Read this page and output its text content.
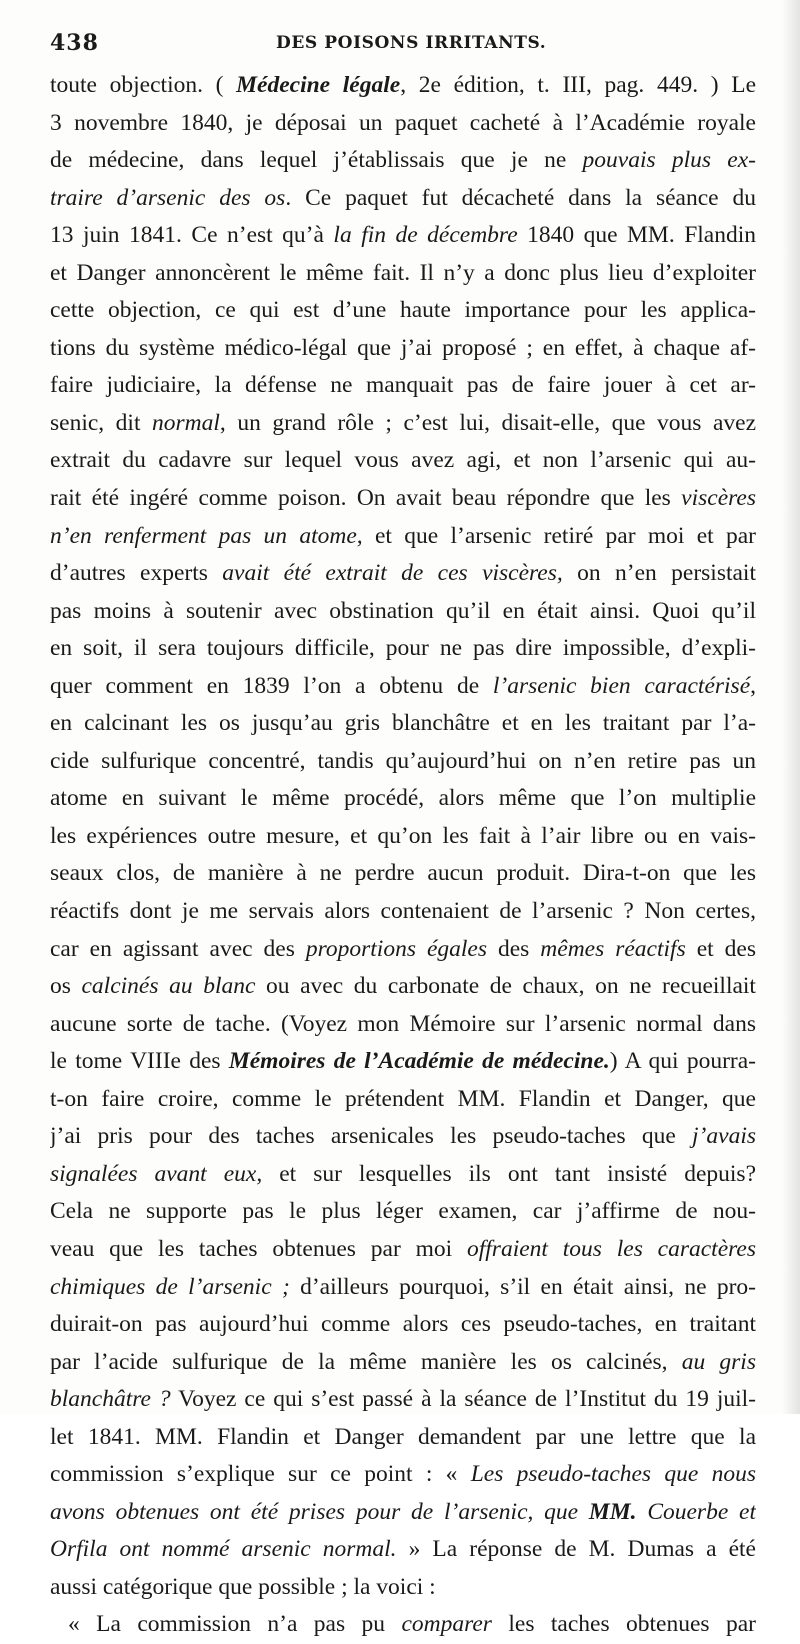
438	DES POISONS IRRITANTS.
toute objection. ( Médecine légale, 2e édition, t. III, pag. 449. ) Le
3 novembre 1840, je déposai un paquet cacheté à l’Académie royale
de médecine, dans lequel j’établissais que je ne pouvais plus ex-
traire d’arsenic des os. Ce paquet fut décacheté dans la séance du
13 juin 1841. Ce n’est qu’à la fin de décembre 1840 que MM. Flandin
et Danger annoncèrent le même fait. Il n’y a donc plus lieu d’exploiter
cette objection, ce qui est d’une haute importance pour les applica-
tions du système médico-légal que j’ai proposé ; en effet, à chaque af-
faire judiciaire, la défense ne manquait pas de faire jouer à cet ar-
senic, dit normal, un grand rôle ; c’est lui, disait-elle, que vous avez
extrait du cadavre sur lequel vous avez agi, et non l’arsenic qui au-
rait été ingéré comme poison. On avait beau répondre que les viscères
n’en renferment pas un atome, et que l’arsenic retiré par moi et par
d’autres experts avait été extrait de ces viscères, on n’en persistait
pas moins à soutenir avec obstination qu’il en était ainsi. Quoi qu’il
en soit, il sera toujours difficile, pour ne pas dire impossible, d’expli-
quer comment en 1839 l’on a obtenu de l’arsenic bien caractérisé,
en calcinant les os jusqu’au gris blanchâtre et en les traitant par l’a-
cide sulfurique concentré, tandis qu’aujourd’hui on n’en retire pas un
atome en suivant le même procédé, alors même que l’on multiplie
les expériences outre mesure, et qu’on les fait à l’air libre ou en vais-
seaux clos, de manière à ne perdre aucun produit. Dira-t-on que les
réactifs dont je me servais alors contenaient de l’arsenic ? Non certes,
car en agissant avec des proportions égales des mêmes réactifs et des
os calcinés au blanc ou avec du carbonate de chaux, on ne recueillait
aucune sorte de tache. (Voyez mon Mémoire sur l’arsenic normal dans
le tome VIIIe des Mémoires de l’Académie de médecine.) A qui pourra-
t-on faire croire, comme le prétendent MM. Flandin et Danger, que
j’ai pris pour des taches arsenicales les pseudo-taches que j’avais
signalées avant eux, et sur lesquelles ils ont tant insisté depuis?
Cela ne supporte pas le plus léger examen, car j’affirme de nou-
veau que les taches obtenues par moi offraient tous les caractères
chimiques de l’arsenic ; d’ailleurs pourquoi, s’il en était ainsi, ne pro-
duirait-on pas aujourd’hui comme alors ces pseudo-taches, en traitant
par l’acide sulfurique de la même manière les os calcinés, au gris
blanchâtre ? Voyez ce qui s’est passé à la séance de l’Institut du 19 juil-
let 1841. MM. Flandin et Danger demandent par une lettre que la
commission s’explique sur ce point : « Les pseudo-taches que nous
avons obtenues ont été prises pour de l’arsenic, que MM. Couerbe et
Orfila ont nommé arsenic normal. » La réponse de M. Dumas a été
aussi catégorique que possible ; la voici :
« La commission n’a pas pu comparer les taches obtenues par
